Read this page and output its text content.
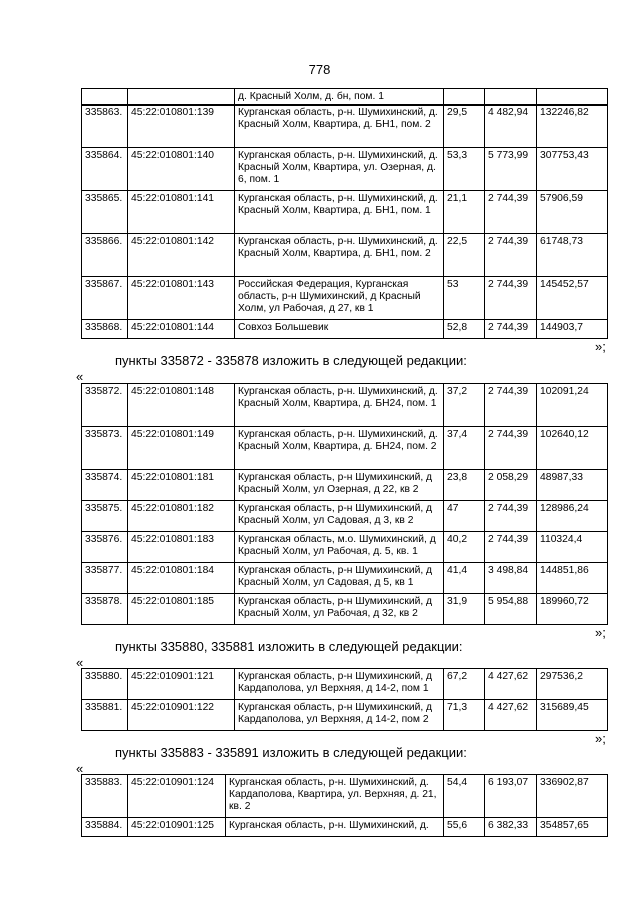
778
		д. Красный Холм, д. бн, пом. 1			
335863.	45:22:010801:139	Курганская область, р-н. Шумихинский, д. Красный Холм, Квартира, д. БН1, пом. 2	29,5	4 482,94	132246,82
335864.	45:22:010801:140	Курганская область, р-н. Шумихинский, д. Красный Холм, Квартира, ул. Озерная, д. 6, пом. 1	53,3	5 773,99	307753,43
335865.	45:22:010801:141	Курганская область, р-н. Шумихинский, д. Красный Холм, Квартира, д. БН1, пом. 1	21,1	2 744,39	57906,59
335866.	45:22:010801:142	Курганская область, р-н. Шумихинский, д. Красный Холм, Квартира, д. БН1, пом. 2	22,5	2 744,39	61748,73
335867.	45:22:010801:143	Российская Федерация, Курганская область, р-н Шумихинский, д Красный Холм, ул Рабочая, д 27, кв 1	53	2 744,39	145452,57
335868.	45:22:010801:144	Совхоз Большевик	52,8	2 744,39	144903,7
»;
пункты 335872 - 335878 изложить в следующей редакции:
«
335872.	45:22:010801:148	Курганская область, р-н. Шумихинский, д. Красный Холм, Квартира, д. БН24, пом. 1	37,2	2 744,39	102091,24
335873.	45:22:010801:149	Курганская область, р-н. Шумихинский, д. Красный Холм, Квартира, д. БН24, пом. 2	37,4	2 744,39	102640,12
335874.	45:22:010801:181	Курганская область, р-н Шумихинский, д Красный Холм, ул Озерная, д 22, кв 2	23,8	2 058,29	48987,33
335875.	45:22:010801:182	Курганская область, р-н Шумихинский, д Красный Холм, ул Садовая, д 3, кв 2	47	2 744,39	128986,24
335876.	45:22:010801:183	Курганская область, м.о. Шумихинский, д Красный Холм, ул Рабочая, д. 5, кв. 1	40,2	2 744,39	110324,4
335877.	45:22:010801:184	Курганская область, р-н Шумихинский, д Красный Холм, ул Садовая, д 5, кв 1	41,4	3 498,84	144851,86
335878.	45:22:010801:185	Курганская область, р-н Шумихинский, д Красный Холм, ул Рабочая, д 32, кв 2	31,9	5 954,88	189960,72
»;
пункты 335880, 335881 изложить в следующей редакции:
«
335880.	45:22:010901:121	Курганская область, р-н Шумихинский, д Кардаполова, ул Верхняя, д 14-2, пом 1	67,2	4 427,62	297536,2
335881.	45:22:010901:122	Курганская область, р-н Шумихинский, д Кардаполова, ул Верхняя, д 14-2, пом 2	71,3	4 427,62	315689,45
»;
пункты 335883 - 335891 изложить в следующей редакции:
«
335883.	45:22:010901:124	Курганская область, р-н. Шумихинский, д. Кардаполова, Квартира, ул. Верхняя, д. 21, кв. 2	54,4	6 193,07	336902,87
335884.	45:22:010901:125	Курганская область, р-н. Шумихинский, д.	55,6	6 382,33	354857,65
